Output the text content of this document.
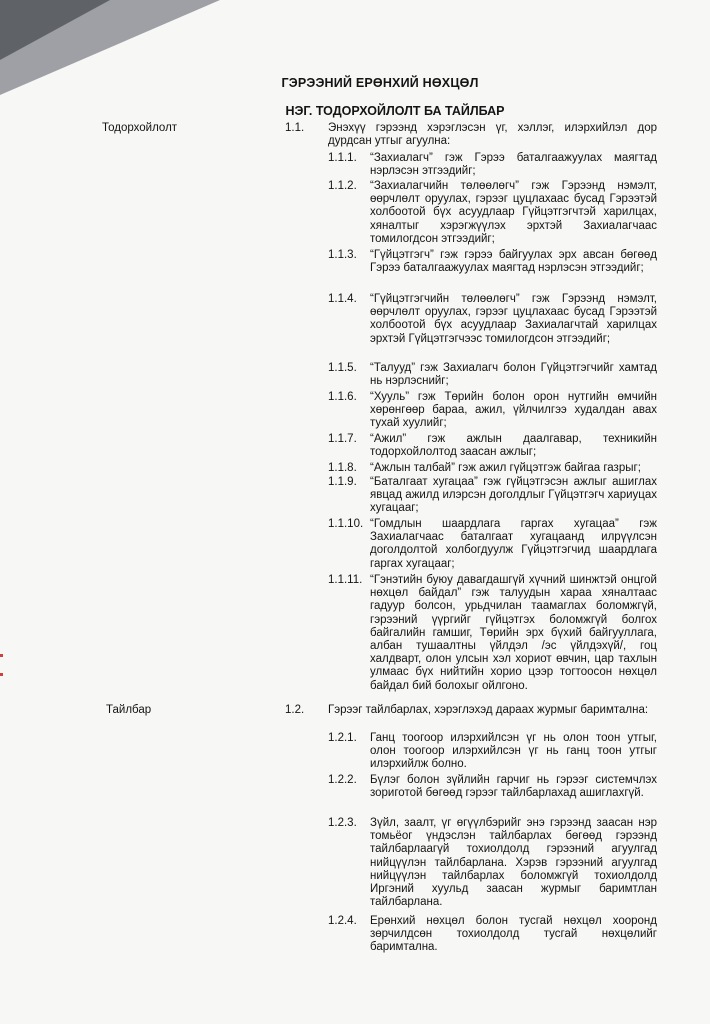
ГЭРЭЭНИЙ ЕРӨНХИЙ НӨХЦӨЛ
НЭГ. ТОДОРХОЙЛОЛТ БА ТАЙЛБАР
Тодорхойлолт
Тайлбар
1.1. Энэхүү гэрээнд хэрэглэсэн үг, хэллэг, илэрхийлэл дор дурдсан утгыг агуулна:
1.1.1. “Захиалагч” гэж Гэрээ баталгаажуулах маягтад нэрлэсэн этгээдийг;
1.1.2. “Захиалагчийн төлөөлөгч” гэж Гэрээнд нэмэлт, өөрчлөлт оруулах, гэрээг цуцлахаас бусад Гэрээтэй холбоотой бүх асуудлаар Гүйцэтгэгчтэй харилцах, хяналтыг хэрэгжүүлэх эрхтэй Захиалагчаас томилогдсон этгээдийг;
1.1.3. “Гүйцэтгэгч” гэж гэрээ байгуулах эрх авсан бөгөөд Гэрээ баталгаажуулах маягтад нэрлэсэн этгээдийг;
1.1.4. “Гүйцэтгэгчийн төлөөлөгч” гэж Гэрээнд нэмэлт, өөрчлөлт оруулах, гэрээг цуцлахаас бусад Гэрээтэй холбоотой бүх асуудлаар Захиалагчтай харилцах эрхтэй Гүйцэтгэгчээс томилогдсон этгээдийг;
1.1.5. “Талууд” гэж Захиалагч болон Гүйцэтгэгчийг хамтад нь нэрлэснийг;
1.1.6. “Хууль” гэж Төрийн болон орон нутгийн өмчийн хөрөнгөөр бараа, ажил, үйлчилгээ худалдан авах тухай хуулийг;
1.1.7. “Ажил” гэж ажлын даалгавар, техникийн тодорхойлолтод заасан ажлыг;
1.1.8. “Ажлын талбай” гэж ажил гүйцэтгэж байгаа газрыг;
1.1.9. “Баталгаат хугацаа” гэж гүйцэтгэсэн ажлыг ашиглах явцад ажилд илэрсэн доголдлыг Гүйцэтгэгч хариуцах хугацааг;
1.1.10. “Гомдлын шаардлага гаргах хугацаа” гэж Захиалагчаас баталгаат хугацаанд илрүүлсэн доголдолтой холбогдуулж Гүйцэтгэгчид шаардлага гаргах хугацааг;
1.1.11. “Гэнэтийн буюу давагдашгүй хүчний шинжтэй онцгой нөхцөл байдал” гэж талуудын хараа хяналтаас гадуур болсон, урьдчилан таамаглах боломжгүй, гэрээний үүргийг гүйцэтгэх боломжгүй болгох байгалийн гамшиг, Төрийн эрх бүхий байгууллага, албан тушаалтны үйлдэл /эс үйлдэхүй/, гоц халдварт, олон улсын хэл хориот өвчин, цар тахлын улмаас бүх нийтийн хорио цээр тогтоосон нөхцөл байдал бий болохыг ойлгоно.
1.2. Гэрээг тайлбарлах, хэрэглэхэд дараах журмыг баримталнa:
1.2.1. Ганц тоогоор илэрхийлсэн үг нь олон тоон утгыг, олон тоогоор илэрхийлсэн үг нь ганц тоон утгыг илэрхийлж болно.
1.2.2. Бүлэг болон зүйлийн гарчиг нь гэрээг системчлэх зориготой бөгөөд гэрээг тайлбарлахад ашиглахгүй.
1.2.3. Зүйл, заалт, үг өгүүлбэрийг энэ гэрээнд заасан нэр томьёог үндэслэн тайлбарлах бөгөөд гэрээнд тайлбарлаагүй тохиолдолд гэрээний агуулгад нийцүүлэн тайлбарлана. Хэрэв гэрээний агуулгад нийцүүлэн тайлбарлах боломжгүй тохиолдолд Иргэний хуульд заасан журмыг баримтлан тайлбарлана.
1.2.4. Ерөнхий нөхцөл болон тусгай нөхцөл хооронд зөрчилдсөн тохиолдолд тусгай нөхцөлийг баримтална.
